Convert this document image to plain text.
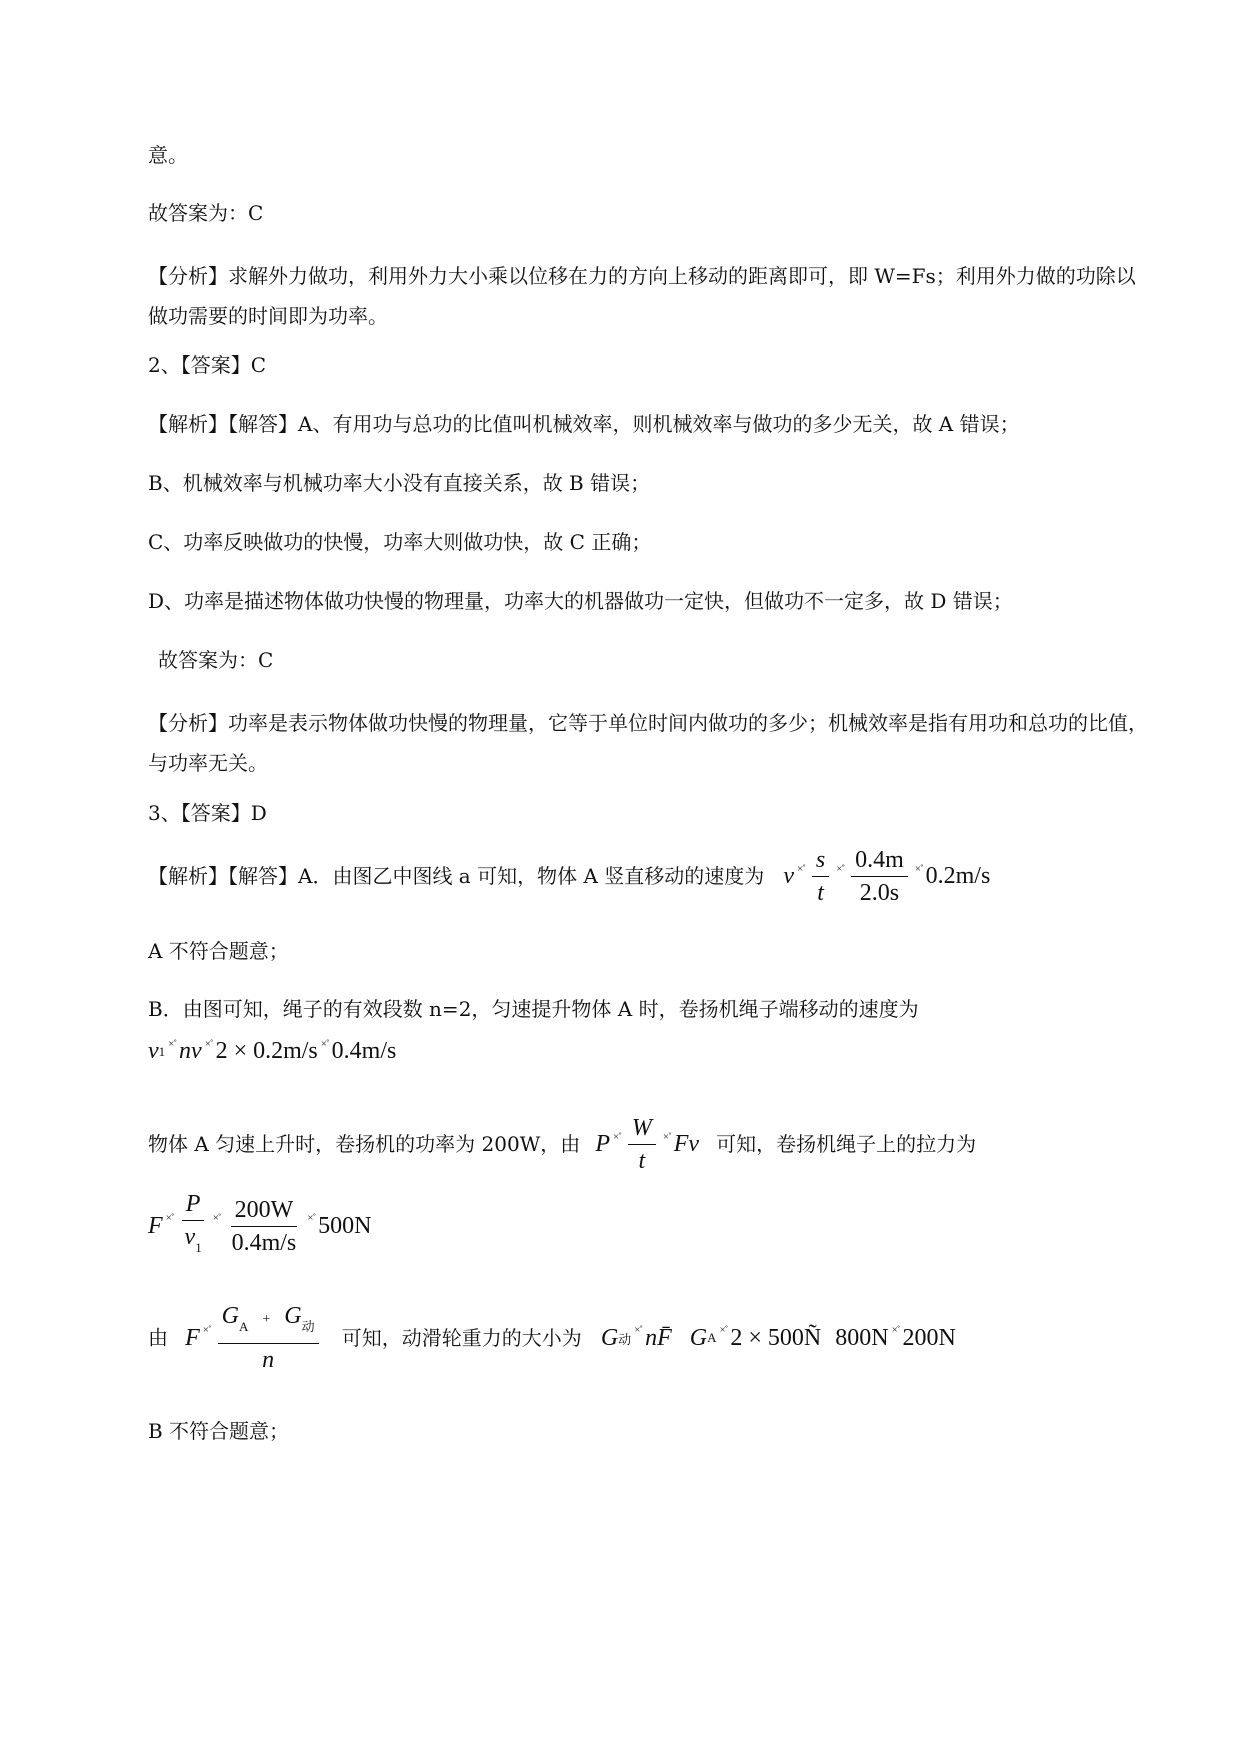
意。
故答案为：C
【分析】求解外力做功，利用外力大小乘以位移在力的方向上移动的距离即可，即 W=Fs；利用外力做的功除以做功需要的时间即为功率。
2、【答案】C
【解析】【解答】A、有用功与总功的比值叫机械效率，则机械效率与做功的多少无关，故 A 错误；
B、机械效率与机械功率大小没有直接关系，故 B 错误；
C、功率反映做功的快慢，功率大则做功快，故 C 正确；
D、功率是描述物体做功快慢的物理量，功率大的机器做功一定快，但做功不一定多，故 D 错误；
故答案为：C
【分析】功率是表示物体做功快慢的物理量，它等于单位时间内做功的多少；机械效率是指有用功和总功的比值，与功率无关。
3、【答案】D
【解析】【解答】A．由图乙中图线 a 可知，物体 A 竖直移动的速度为 v ×˚ $\frac{s}{t}$ ×˚ $\frac{0.4m}{2.0s}$ ×˚ 0.2m/s
A 不符合题意；
B．由图可知，绳子的有效段数 n=2，匀速提升物体 A 时，卷扬机绳子端移动的速度为
v 1 ×˚ nv ×˚ 2 × 0.2m/s ×˚ 0.4m/s
物体 A 匀速上升时，卷扬机的功率为 200W，由 P ×˚ $\frac{W}{t}$ ×˚ Fv 可知，卷扬机绳子上的拉力为
F ×˚ $\frac{P}{v_1}$ ×˚ $\frac{200W}{0.4m/s}$ ×˚ 500N
由 F ×˚ $\frac{G_A + G_动}{n}$ 可知，动滑轮重力的大小为 G 动
×˚ nF̄ G A ×˚ 2 × 500Ñ 800N ×˚ 200N
B 不符合题意；
